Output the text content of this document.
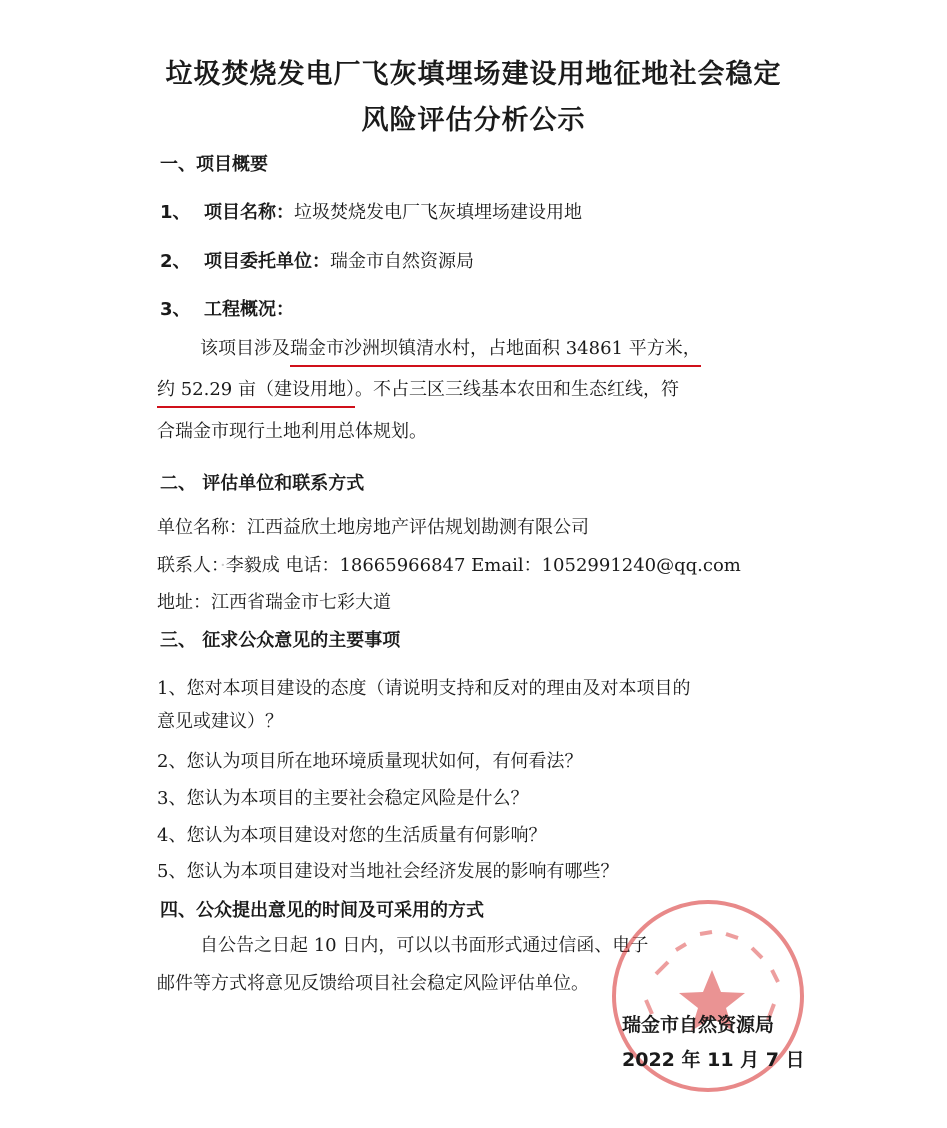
垃圾焚烧发电厂飞灰填埋场建设用地征地社会稳定
风险评估分析公示
一、项目概要
1、 项目名称：垃圾焚烧发电厂飞灰填埋场建设用地
2、 项目委托单位：瑞金市自然资源局
3、 工程概况：
该项目涉及瑞金市沙洲坝镇清水村，占地面积 34861 平方米，
约 52.29 亩（建设用地）。不占三区三线基本农田和生态红线，符
合瑞金市现行土地利用总体规划。
二、 评估单位和联系方式
单位名称：江西益欣土地房地产评估规划勘测有限公司
联系人：·李毅成 电话：18665966847 Email：1052991240@qq.com
地址：江西省瑞金市七彩大道
三、 征求公众意见的主要事项
1、您对本项目建设的态度（请说明支持和反对的理由及对本项目的
意见或建议）？
2、您认为项目所在地环境质量现状如何，有何看法？
3、您认为本项目的主要社会稳定风险是什么？
4、您认为本项目建设对您的生活质量有何影响？
5、您认为本项目建设对当地社会经济发展的影响有哪些？
四、公众提出意见的时间及可采用的方式
自公告之日起 10 日内，可以以书面形式通过信函、电子
邮件等方式将意见反馈给项目社会稳定风险评估单位。
瑞金市自然资源局
2022 年 11 月 7 日
